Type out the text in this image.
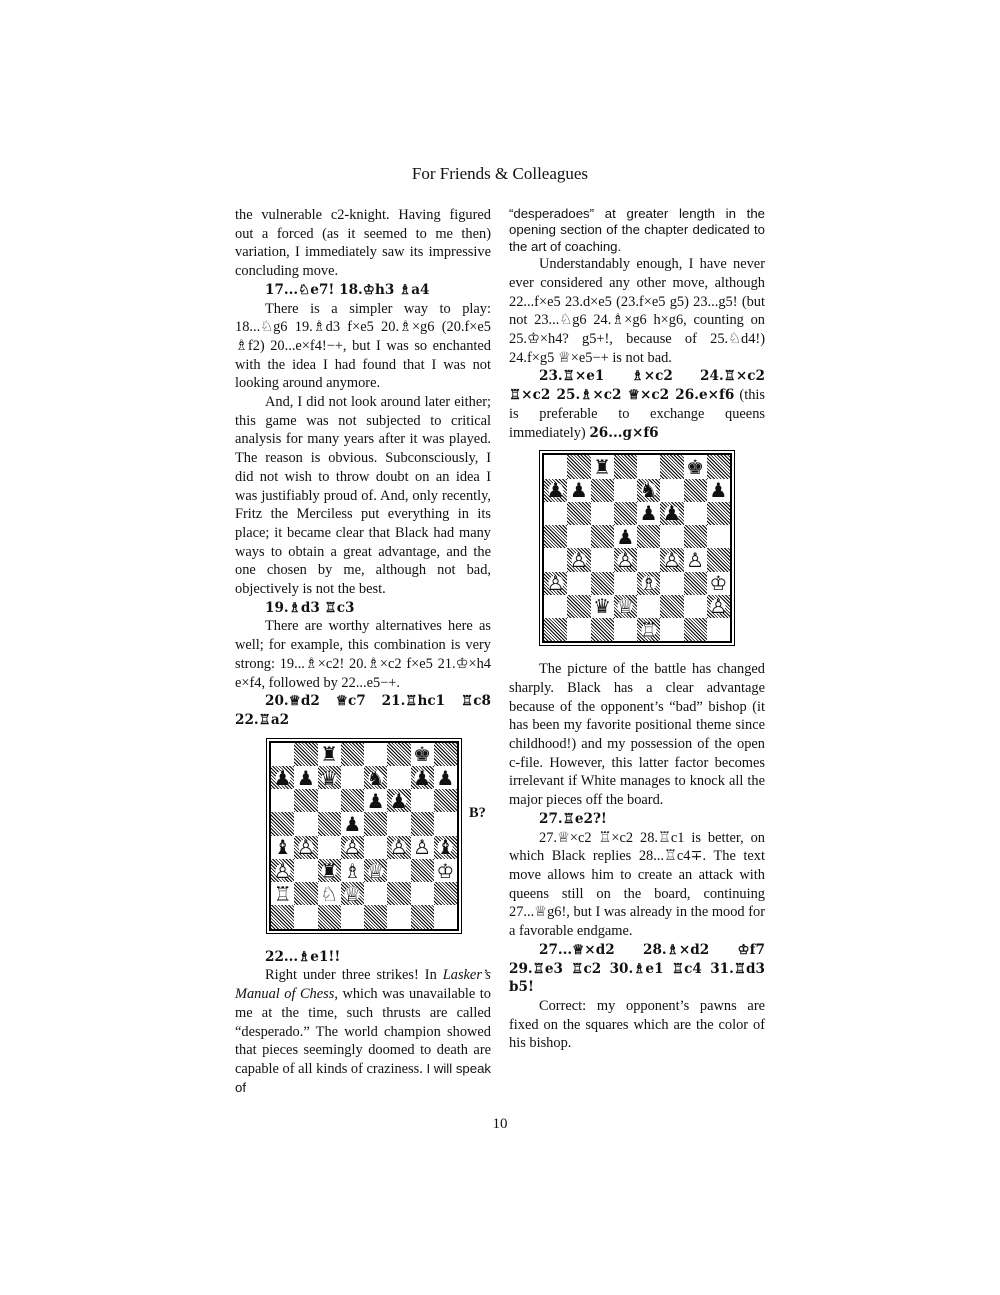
For Friends & Colleagues

the vulnerable c2-knight. Having figured out a forced (as it seemed to me then) variation, I immediately saw its impressive concluding move.

17...♘e7! 18.♔h3 ♗a4

There is a simpler way to play: 18...♘g6 19.♗d3 f×e5 20.♗×g6 (20.f×e5 ♗f2) 20...e×f4!−+, but I was so enchanted with the idea I had found that I was not looking around anymore.

And, I did not look around later either; this game was not subjected to critical analysis for many years after it was played. The reason is obvious. Subconsciously, I did not wish to throw doubt on an idea I was justifiably proud of. And, only recently, Fritz the Merciless put everything in its place; it became clear that Black had many ways to obtain a great advantage, and the one chosen by me, although not bad, objectively is not the best.

19.♗d3 ♖c3

There are worthy alternatives here as well; for example, this combination is very strong: 19...♗×c2! 20.♗×c2 f×e5 21.♔×h4 e×f4, followed by 22...e5−+.

20.♕d2 ♕c7 21.♖hc1 ♖c8 22.♖a2

♜	♚
♟ ♟ ♛ ♞ ♟ ♟
♟ ♟
♟
♝ ♙ ♙ ♙ ♙ ♝
♙ ♜ ♗ ♕	♔
♖ ♘ ♕
B?

22...♗e1!!

Right under three strikes! In Lasker’s Manual of Chess, which was unavailable to me at the time, such thrusts are called “desperado.” The world champion showed that pieces seemingly doomed to death are capable of all kinds of craziness. I will speak of

“desperadoes” at greater length in the opening section of the chapter dedicated to the art of coaching.

Understandably enough, I have never ever considered any other move, although 22...f×e5 23.d×e5 (23.f×e5 g5) 23...g5! (but not 23...♘g6 24.♗×g6 h×g6, counting on 25.♔×h4? g5+!, because of 25.♘d4!) 24.f×g5 ♕×e5−+ is not bad.

23.♖×e1 ♗×c2 24.♖×c2 ♖×c2 25.♗×c2 ♕×c2 26.e×f6 (this is preferable to exchange queens immediately) 26...g×f6

♜	♚
♟ ♟	♞	♟
♟ ♟
♟
♙ ♙ ♙ ♙
♙	♗	♔
♛ ♕	♙
♖

The picture of the battle has changed sharply. Black has a clear advantage because of the opponent’s “bad” bishop (it has been my favorite positional theme since childhood!) and my possession of the open c-file. However, this latter factor becomes irrelevant if White manages to knock all the major pieces off the board.

27.♖e2?!

27.♕×c2 ♖×c2 28.♖c1 is better, on which Black replies 28...♖c4∓. The text move allows him to create an attack with queens still on the board, continuing 27...♕g6!, but I was already in the mood for a favorable endgame.

27...♕×d2 28.♗×d2 ♔f7 29.♖e3 ♖c2 30.♗e1 ♖c4 31.♖d3 b5!

Correct: my opponent’s pawns are fixed on the squares which are the color of his bishop.

10
